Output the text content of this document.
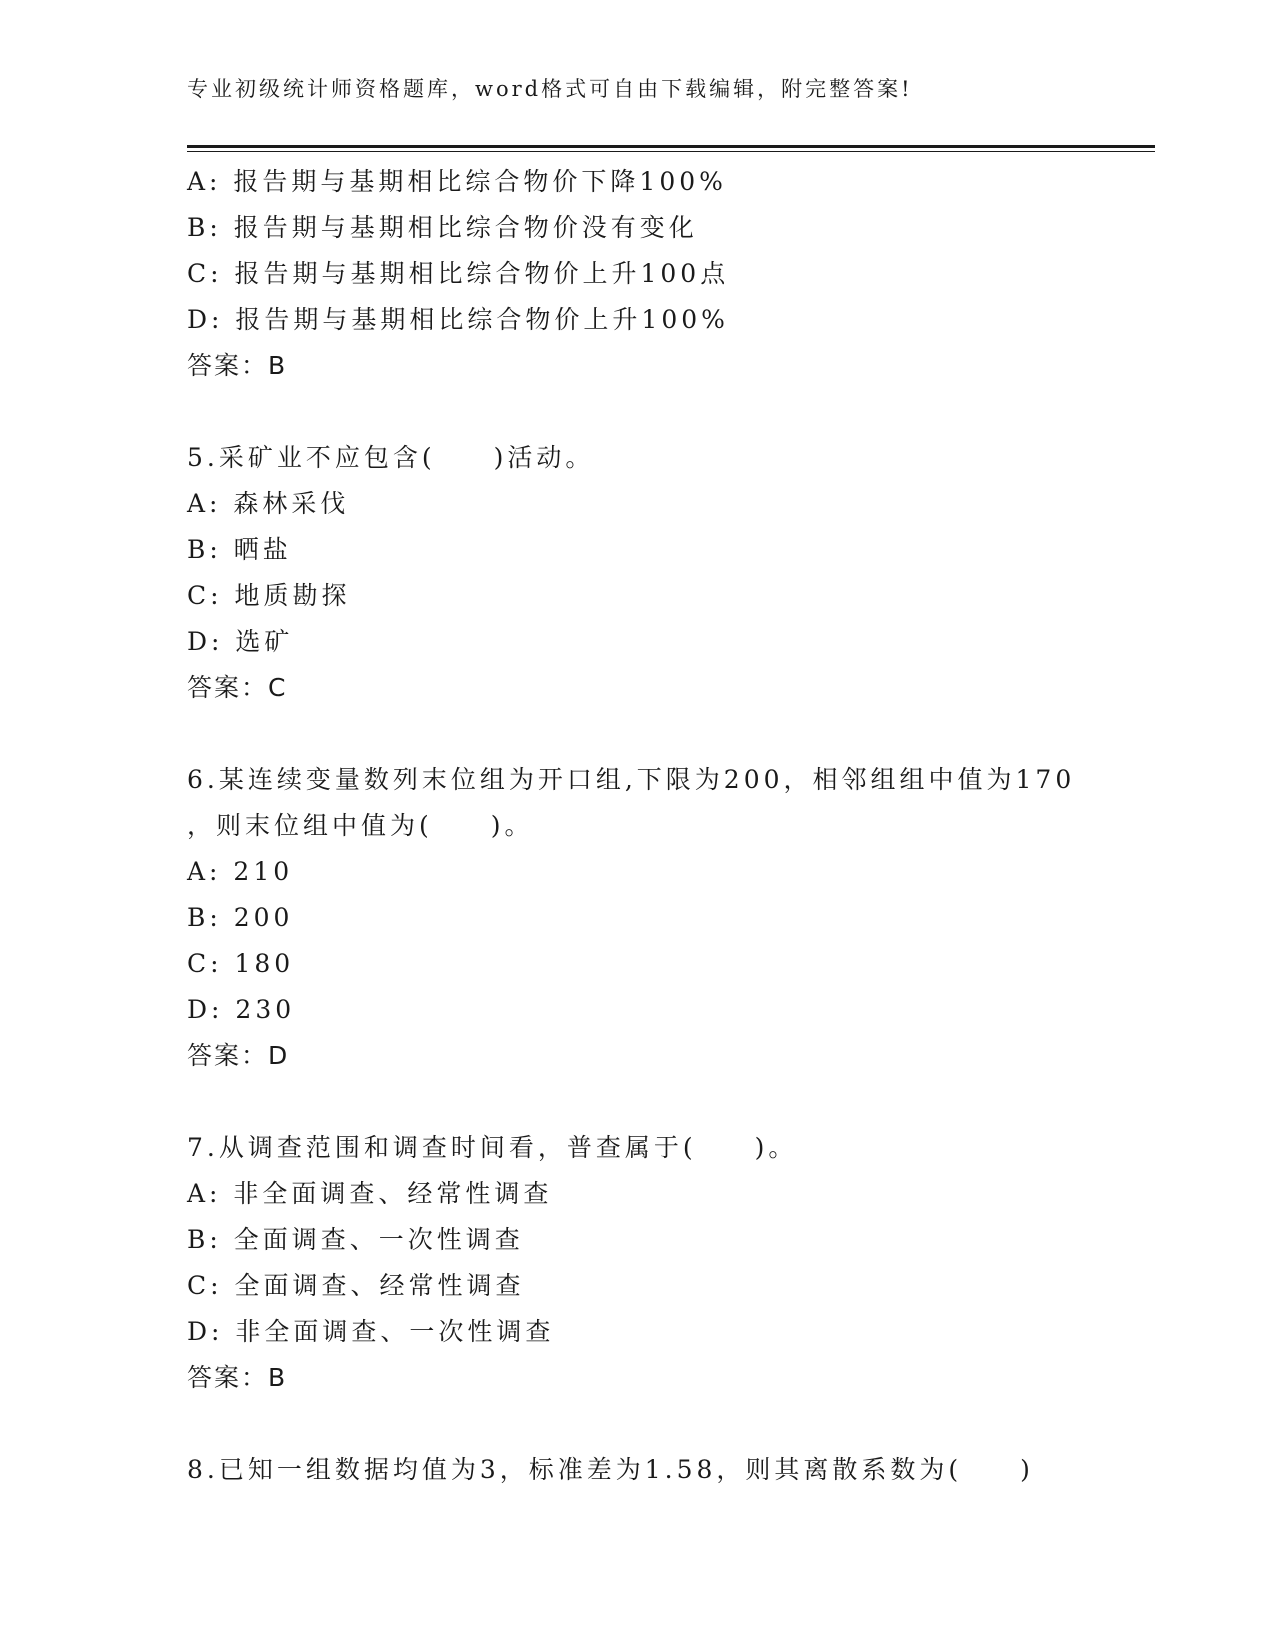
专业初级统计师资格题库，word格式可自由下载编辑，附完整答案!
A: 报告期与基期相比综合物价下降100%
B: 报告期与基期相比综合物价没有变化
C: 报告期与基期相比综合物价上升100点
D: 报告期与基期相比综合物价上升100%
答案：B
5.采矿业不应包含(　　)活动。
A: 森林采伐
B: 晒盐
C: 地质勘探
D: 选矿
答案：C
6.某连续变量数列末位组为开口组,下限为200，相邻组组中值为170
，则末位组中值为(　　)。
A: 210
B: 200
C: 180
D: 230
答案：D
7.从调查范围和调查时间看，普查属于(　　)。
A: 非全面调查、经常性调查
B: 全面调查、一次性调查
C: 全面调查、经常性调查
D: 非全面调查、一次性调查
答案：B
8.已知一组数据均值为3，标准差为1.58，则其离散系数为(　　)
